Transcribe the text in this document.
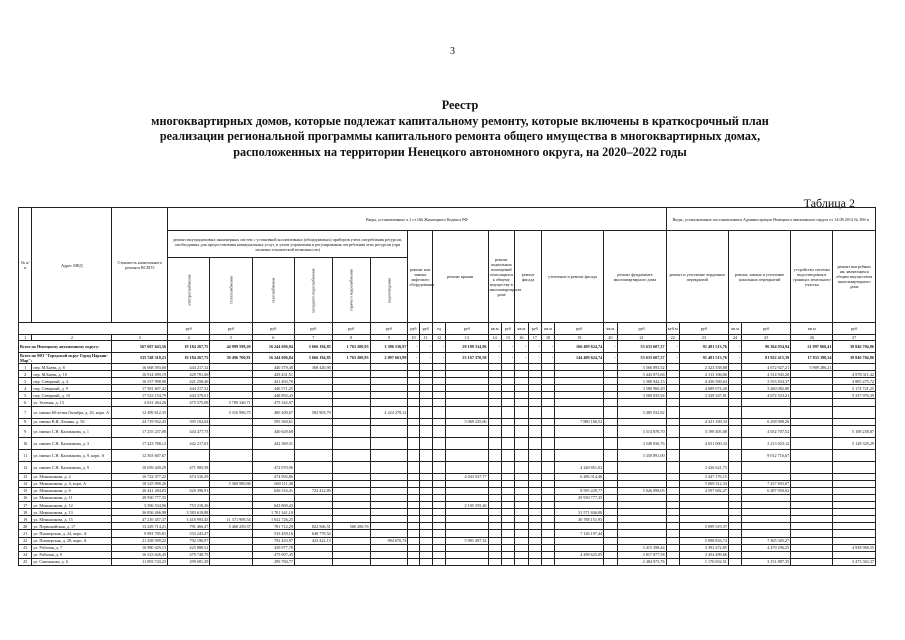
3
Реестр
многоквартирных домов, которые подлежат капитальному ремонту, которые включены в краткосрочный план
реализации региональной программы капитального ремонта общего имущества в многоквартирных домах,
расположенных на территории Ненецкого автономного округа, на 2020–2022 годы
Таблица 2
№ п/п	Адрес МКД	Стоимость капитального ремонта ВСЕГО	Виды, установленные ч.1 ст.166 Жилищного Кодекса РФ																		Виды, установленные постановлением Администрации Ненецкого автономного округа от 14.08.2014 № 306-п					
			ремонт внутридомовых инженерных систем с установкой коллективных (общедомовых) приборов учета потребления ресурсов, необходимых для предоставления коммунальных услуг, и узлов управления и регулирования потребления этих ресурсов (при наличии технической возможности)						ремонт или замена лифтового оборудования		ремонт крыши		ремонт подвальных помещений относящихся к общему имуществу в многоквартирном доме		ремонт фасада		утепление и ремонт фасада		ремонт фундамента многоквартирного дома		ремонт и утепление чердачных перекрытий		ремонт, замена и утепление цокольных перекрытий		устройство системы водоотведения в границах земельного участка	ремонт выгребных ям, являющихся общим имуществом многоквартирного дома
			электроснабжения	теплоснабжения	газоснабжения	холодного водоснабжения	горячего водоснабжения	водоотведения																		
			руб	руб	руб	руб	руб	руб	руб	руб	ед	руб	кв.м	руб	кв.м	руб	кв.м	руб	кв.м	руб	куб.м	руб	кв.м	руб	кв.м	руб
1	2	3	4	5	6	7	8	9	10	11	12	13	14	15	16	17	18	19	20	21	22	23	24	25	26	27
Всего по Ненецкому автономному округу:		567 067 643,56	19 184 267,75	44 999 598,20	16 244 696,04	5 666 194,85	1 763 200,93	3 386 536,97	-	-	-	29 189 314,96	-	-	-	-	-	166 409 624,74	-	53 633 607,37	-	91 481 513,76	-	96 364 054,94	21 897 066,41	38 846 704,86
Всего по МО "Городской округ Город Нарьян-Мар":		535 748 318,23	19 184 267,75	39 496 700,81	16 244 696,04	5 666 194,85	1 763 200,93	2 097 663,89	-	-	-	23 167 370,58	-	-	-	-	-	144 409 624,74	-	53 633 607,37	-	91 481 513,76	-	81 922 415,39	17 833 398,34	38 846 704,86
1	пер. М.Баева, д. 8	16 668 593,60	444 217,32		440 379,48	368 426,90														3 566 893,52		2 323 558,88		4 672 927,21	5 909 286,21	
2	пер. М.Баева, д. 10	16 914 099,19	429 781,06		429 431,51															3 443 873,66		2 113 106,86		4 514 945,20		4 978 311,42
3	пер. Северный, д. 4	16 557 998,90	421 258,46		421 403,78															3 380 942,13		4 436 569,64		3 553 834,37		4 885 275,72
4	пер. Северный, д. 9	17 581 607,42	444 217,32		446 571,25															3 580 960,29		4 689 074,28		3 260 082,80		5 174 721,25
5	пер. Северный, д. 10	17 523 154,79	444 379,01		448 892,43															3 560 035,94		3 329 347,81		4 672 523,21		5 337 976,39
6	ул. Зеленая, д. 13	4 631 264,26	475 575,08	3 700 346,71	475 342,07																					
7	ул. имени 60-летия Октября, д. 43, корп. А	12 499 612,35		3 316 996,75	480 200,67	582 903,79		4 224 278,12												3 485 032,82						
8	ул. имени В.И. Ленина, д. 50	24 719 932,45	595 102,04		595 360,61							5 069 225,66						7 880 166,52				4 321 169,34		6 258 908,26		
9	ул. имени С.Н. Калмыкова, д. 1	17 255 237,08	444 477,73		440 629,68															3 514 878,70		3 198 405,08		4 652 707,52		5 108 258,87
10	ул. имени С.Н. Калмыкова, д. 3	17 423 788,12	442 217,03		442 369,31															3 548 836,76		4 651 000,34		3 213 023,12		5 128 329,29
11	ул. имени С.Н. Калмыкова, д. 9, корп. А	12 363 607,67																		3 350 891,00				9 012 716,67		
12	ул. имени С.Н. Калмыкова, д. 9	10 059 449,29	471 905,58		472 070,96													4 248 851,02				3 426 621,73				
13	ул. Меньшикова, д. 2	16 722 077,22	474 316,29		474 992,86							4 043 927,77						6 286 314,46				3 447 176,15				
14	ул. Меньшикова, д. 4, корп. А	18 325 098,26		5 369 980,68	660 111,48																	5 069 312,33		7 257 693,07		
15	ул. Меньшикова, д. 6	26 441 284,83	620 396,91		626 516,41	724 412,80												8 595 229,77		5 026 098,05		4 597 682,27		6 287 050,02		
16	ул. Меньшикова, д. 11	29 930 777,35																29 930 777,35								
17	ул. Меньшикова, д. 12	3 396 534,96	753 310,26		643 869,43							2 105 355,26														
18	ул. Меньшикова, д. 13	36 856 266,98	3 583 619,88		1 701 341,10													31 571 846,00								
19	ул. Меньшикова, д. 15	47 210 457,37	3 416 993,45	11 371 909,54	1 632 726,25													30 788 151,93								
20	ул. Первомайская, д. 17	13 229 714,21	791 466,47	5 460 250,37	781 712,29	822 566,51	560 200,76															5 099 519,37				
21	ул. Пионерская, д. 24, корп. А	9 981 785,81	533 243,47		535 459,16	648 779,54												7 126 197,44								
22	ул. Пионерская, д. 28, корп. А	21 458 599,22	792 196,97		792 443,97	423 422,13		994 670,74				5 981 497,32										5 098 833,74		7 305 305,27		
23	ул. Рабочая, д. 7	16 980 429,13	425 888,52		439 977,78															3 415 398,44		3 392 472,85		4 479 296,25		4 938 968,55
24	ул. Рабочая, д. 9	16 523 626,45	479 740,75		475 907,45													4 299 625,05		3 817 877,58		3 454 499,66				
25	ул. Сапожника, д. 6	11 893 743,23	299 681,39		299 784,77															2 484 973,76		1 170 652,51		3 151 887,35		3 473 363,37
